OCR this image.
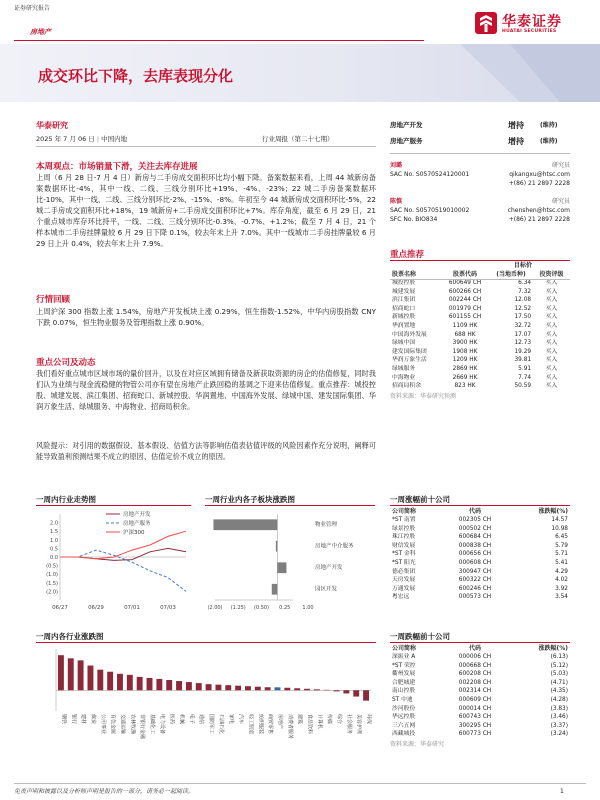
证券研究报告
房地产
华泰证券
HUATAI SECURITIES
成交环比下降，去库表现分化
华泰研究
2025 年 7 月 06 日 | 中国内地	行业周报（第二十七期）
本周观点：市场销量下滑，关注去库存进展
上周（6 月 28 日-7 月 4 日）新房与二手房成交面积环比均小幅下降。备案数据来看，上周 44 城新房备案数据环比-4%，其中一线、二线、三线分别环比+19%、-4%、-23%；22 城二手房备案数据环比-10%，其中一线、二线、三线分别环比-2%、-15%、-8%。年初至今 44 城新房成交面积环比-5%，22 城二手房成交面积环比+18%，19 城新房+二手房成交面积环比+7%。库存角度，截至 6 月 29 日，21 个重点城市库存环比持平，一线、二线、三线分别环比-0.3%、-0.7%、+1.2%；截至 7 月 4 日，21 个样本城市二手房挂牌量较 6 月 29 日下降 0.1%，较去年末上升 7.0%。其中一线城市二手房挂牌量较 6 月 29 日上升 0.4%，较去年末上升 7.9%。
行情回顾
上周沪深 300 指数上涨 1.54%，房地产开发板块上涨 0.29%，恒生指数-1.52%，中华内房股指数 CNY 下跌 0.07%，恒生物业服务及管理指数上涨 0.90%。
重点公司及动态
我们看好重点城市区域市场的量价回升，以及在对应区域拥有储备及新获取资源的房企的估值修复，同时我们认为业绩与现金流稳健的物管公司亦有望在房地产止跌回稳的基调之下迎来估值修复。重点推荐：城投控股、城建发展、滨江集团、招商蛇口、新城控股、华润置地、中国海外发展、绿城中国、建发国际集团、华润万象生活、绿城服务、中海物业、招商局积余。
风险提示：对引用的数据假设、基本假设、估值方法等影响估值表估值评级的风险因素作充分说明，阐释可能导致盈利预测结果不成立的原因、估值定价不成立的原因。
房地产开发	增持	(维持)
房地产服务	增持	(维持)
刘璐	研究员
SAC No. S0570524120001	qikangxu@htsc.com
+(86) 21 2897 2228
陈慎	研究员
SAC No. S0570519010002	chenshen@htsc.com
SFC No. BIO834	+(86) 21 2897 2228
重点推荐
目标价
股票名称	股票代码	(当地币种)	投资评级
城投控股	600649 CH	6.34	买入
城建发展	600266 CH	7.32	买入
滨江集团	002244 CH	12.08	买入
招商蛇口	001979 CH	12.52	买入
新城控股	601155 CH	17.50	买入
华润置地	1109 HK	32.72	买入
中国海外发展	688 HK	17.07	买入
绿城中国	3900 HK	12.73	买入
建发国际集团	1908 HK	19.29	买入
华润万象生活	1209 HK	39.81	买入
绿城服务	2869 HK	5.91	买入
中海物业	2669 HK	7.74	买入
招商局积余	823 HK	50.59	买入
资料来源：华泰研究预测
一周内行业走势图
(2.0)
(1.5)
(1.0)
(0.5)
0.0
0.5
1.0
1.5
2.0
06/27	06/29	07/01	07/03
房地产开发
房地产服务
沪深300
一周行业内各子板块涨跌图
物业管理
房地产中介服务
房地产开发
园区开发
(2.00) (1.25) (0.50) 0.25 1.00
一周涨幅前十公司
公司简称	代码	涨跌幅(%)
*ST 南置	002305 CH	14.57
绿景控股	000502 CH	10.98
珠江控股	600684 CH	6.45
财信发展	000838 CH	5.79
*ST 金科	000656 CH	5.71
*ST 阳光	000608 CH	5.41
德必集团	300947 CH	4.29
天房发展	600322 CH	4.02
万通发展	600246 CH	3.92
粤宏远	000573 CH	3.54
一周内各行业涨跌图
钢铁 银行 建材 煤炭 公用事业 有色金属 交通运输 农林牧渔 非银行金融 基础化工 电力设备 医药 机械 电子 通信 国防军工 石油石化 家电 汽车 轻工制造 纺织服装 商贸零售 房地产 消费者服务 建筑 食品饮料 计算机 传媒 综合 社会服务 美容护理 环保
一周跌幅前十公司
公司简称	代码	涨跌幅(%)
深振业 A	000006 CH	(6.13)
*ST 荣控	000668 CH	(5.12)
衢州发展	600208 CH	(5.03)
合肥城建	002208 CH	(4.71)
南山控股	002314 CH	(4.35)
ST 中迪	000609 CH	(4.28)
沙河股份	000014 CH	(3.83)
华远控股	600743 CH	(3.46)
三六五网	300295 CH	(3.37)
西藏城投	600773 CH	(3.24)
资料来源：华泰研究
免责声明和披露以及分析师声明是报告的一部分，请务必一起阅读。	1
